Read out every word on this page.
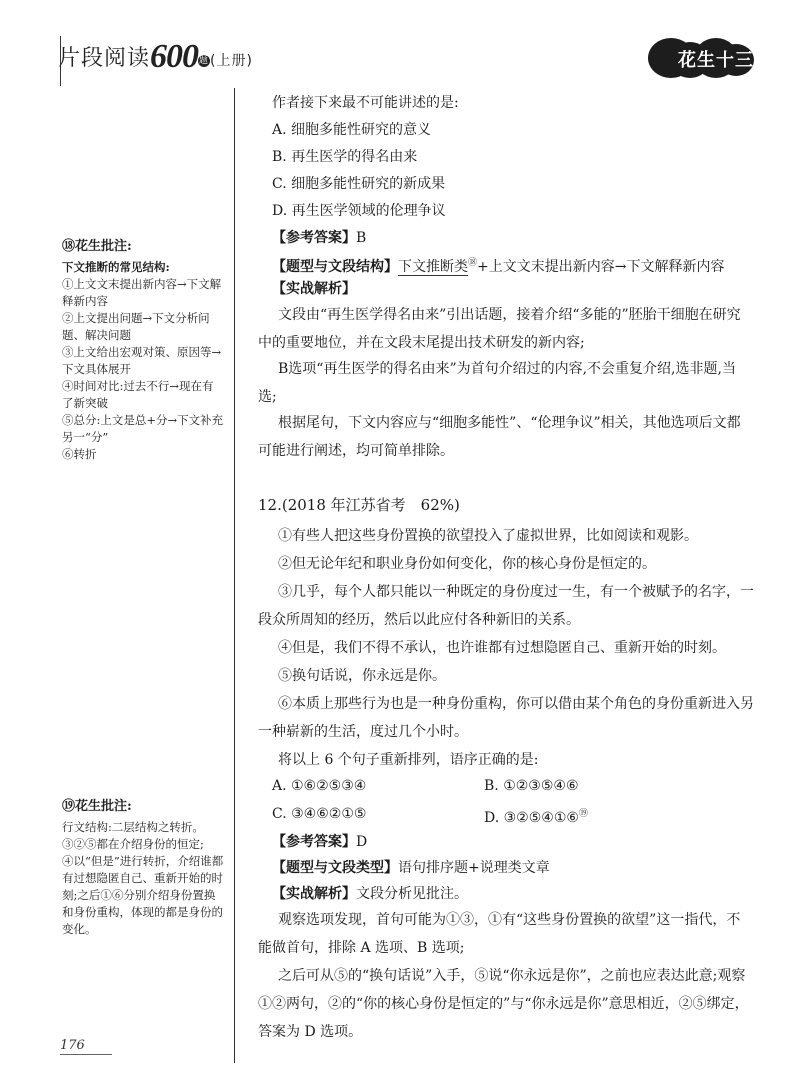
片段阅读600题(上册)	花生十三
作者接下来最不可能讲述的是:
A. 细胞多能性研究的意义
B. 再生医学的得名由来
C. 细胞多能性研究的新成果
D. 再生医学领域的伦理争议
【参考答案】B
【题型与文段结构】下文推断类⑱+上文文末提出新内容→下文解释新内容
【实战解析】
文段由“再生医学得名由来”引出话题，接着介绍“多能的”胚胎干细胞在研究中的重要地位，并在文段末尾提出技术研发的新内容;
B选项“再生医学的得名由来”为首句介绍过的内容,不会重复介绍,选非题,当选;
根据尾句，下文内容应与“细胞多能性”、“伦理争议”相关，其他选项后文都可能进行阐述，均可简单排除。
⑱花生批注:
下文推断的常见结构:
①上文文末提出新内容→下文解释新内容
②上文提出问题→下文分析问题、解决问题
③上文给出宏观对策、原因等→下文具体展开
④时间对比:过去不行→现在有了新突破
⑤总分:上文是总+分→下文补充另一“分”
⑥转折
12.(2018 年江苏省考　62%)
①有些人把这些身份置换的欲望投入了虚拟世界，比如阅读和观影。
②但无论年纪和职业身份如何变化，你的核心身份是恒定的。
③几乎，每个人都只能以一种既定的身份度过一生，有一个被赋予的名字，一段众所周知的经历，然后以此应付各种新旧的关系。
④但是，我们不得不承认，也许谁都有过想隐匿自己、重新开始的时刻。
⑤换句话说，你永远是你。
⑥本质上那些行为也是一种身份重构，你可以借由某个角色的身份重新进入另一种崭新的生活，度过几个小时。
将以上 6 个句子重新排列，语序正确的是:
A. ①⑥②⑤③④	B. ①②③⑤④⑥
C. ③④⑥②①⑤	D. ③②⑤④①⑥⑲
【参考答案】D
【题型与文段类型】语句排序题+说理类文章
【实战解析】文段分析见批注。
观察选项发现，首句可能为①③，①有“这些身份置换的欲望”这一指代，不能做首句，排除 A 选项、B 选项;
之后可从⑤的“换句话说”入手，⑤说“你永远是你”，之前也应表达此意;观察①②两句，②的“你的核心身份是恒定的”与“你永远是你”意思相近，②⑤绑定，答案为 D 选项。
⑲花生批注:
行文结构:二层结构之转折。
③②⑤都在介绍身份的恒定;
④以“但是”进行转折，介绍谁都有过想隐匿自己、重新开始的时刻;之后①⑥分别介绍身份置换和身份重构，体现的都是身份的变化。
176
